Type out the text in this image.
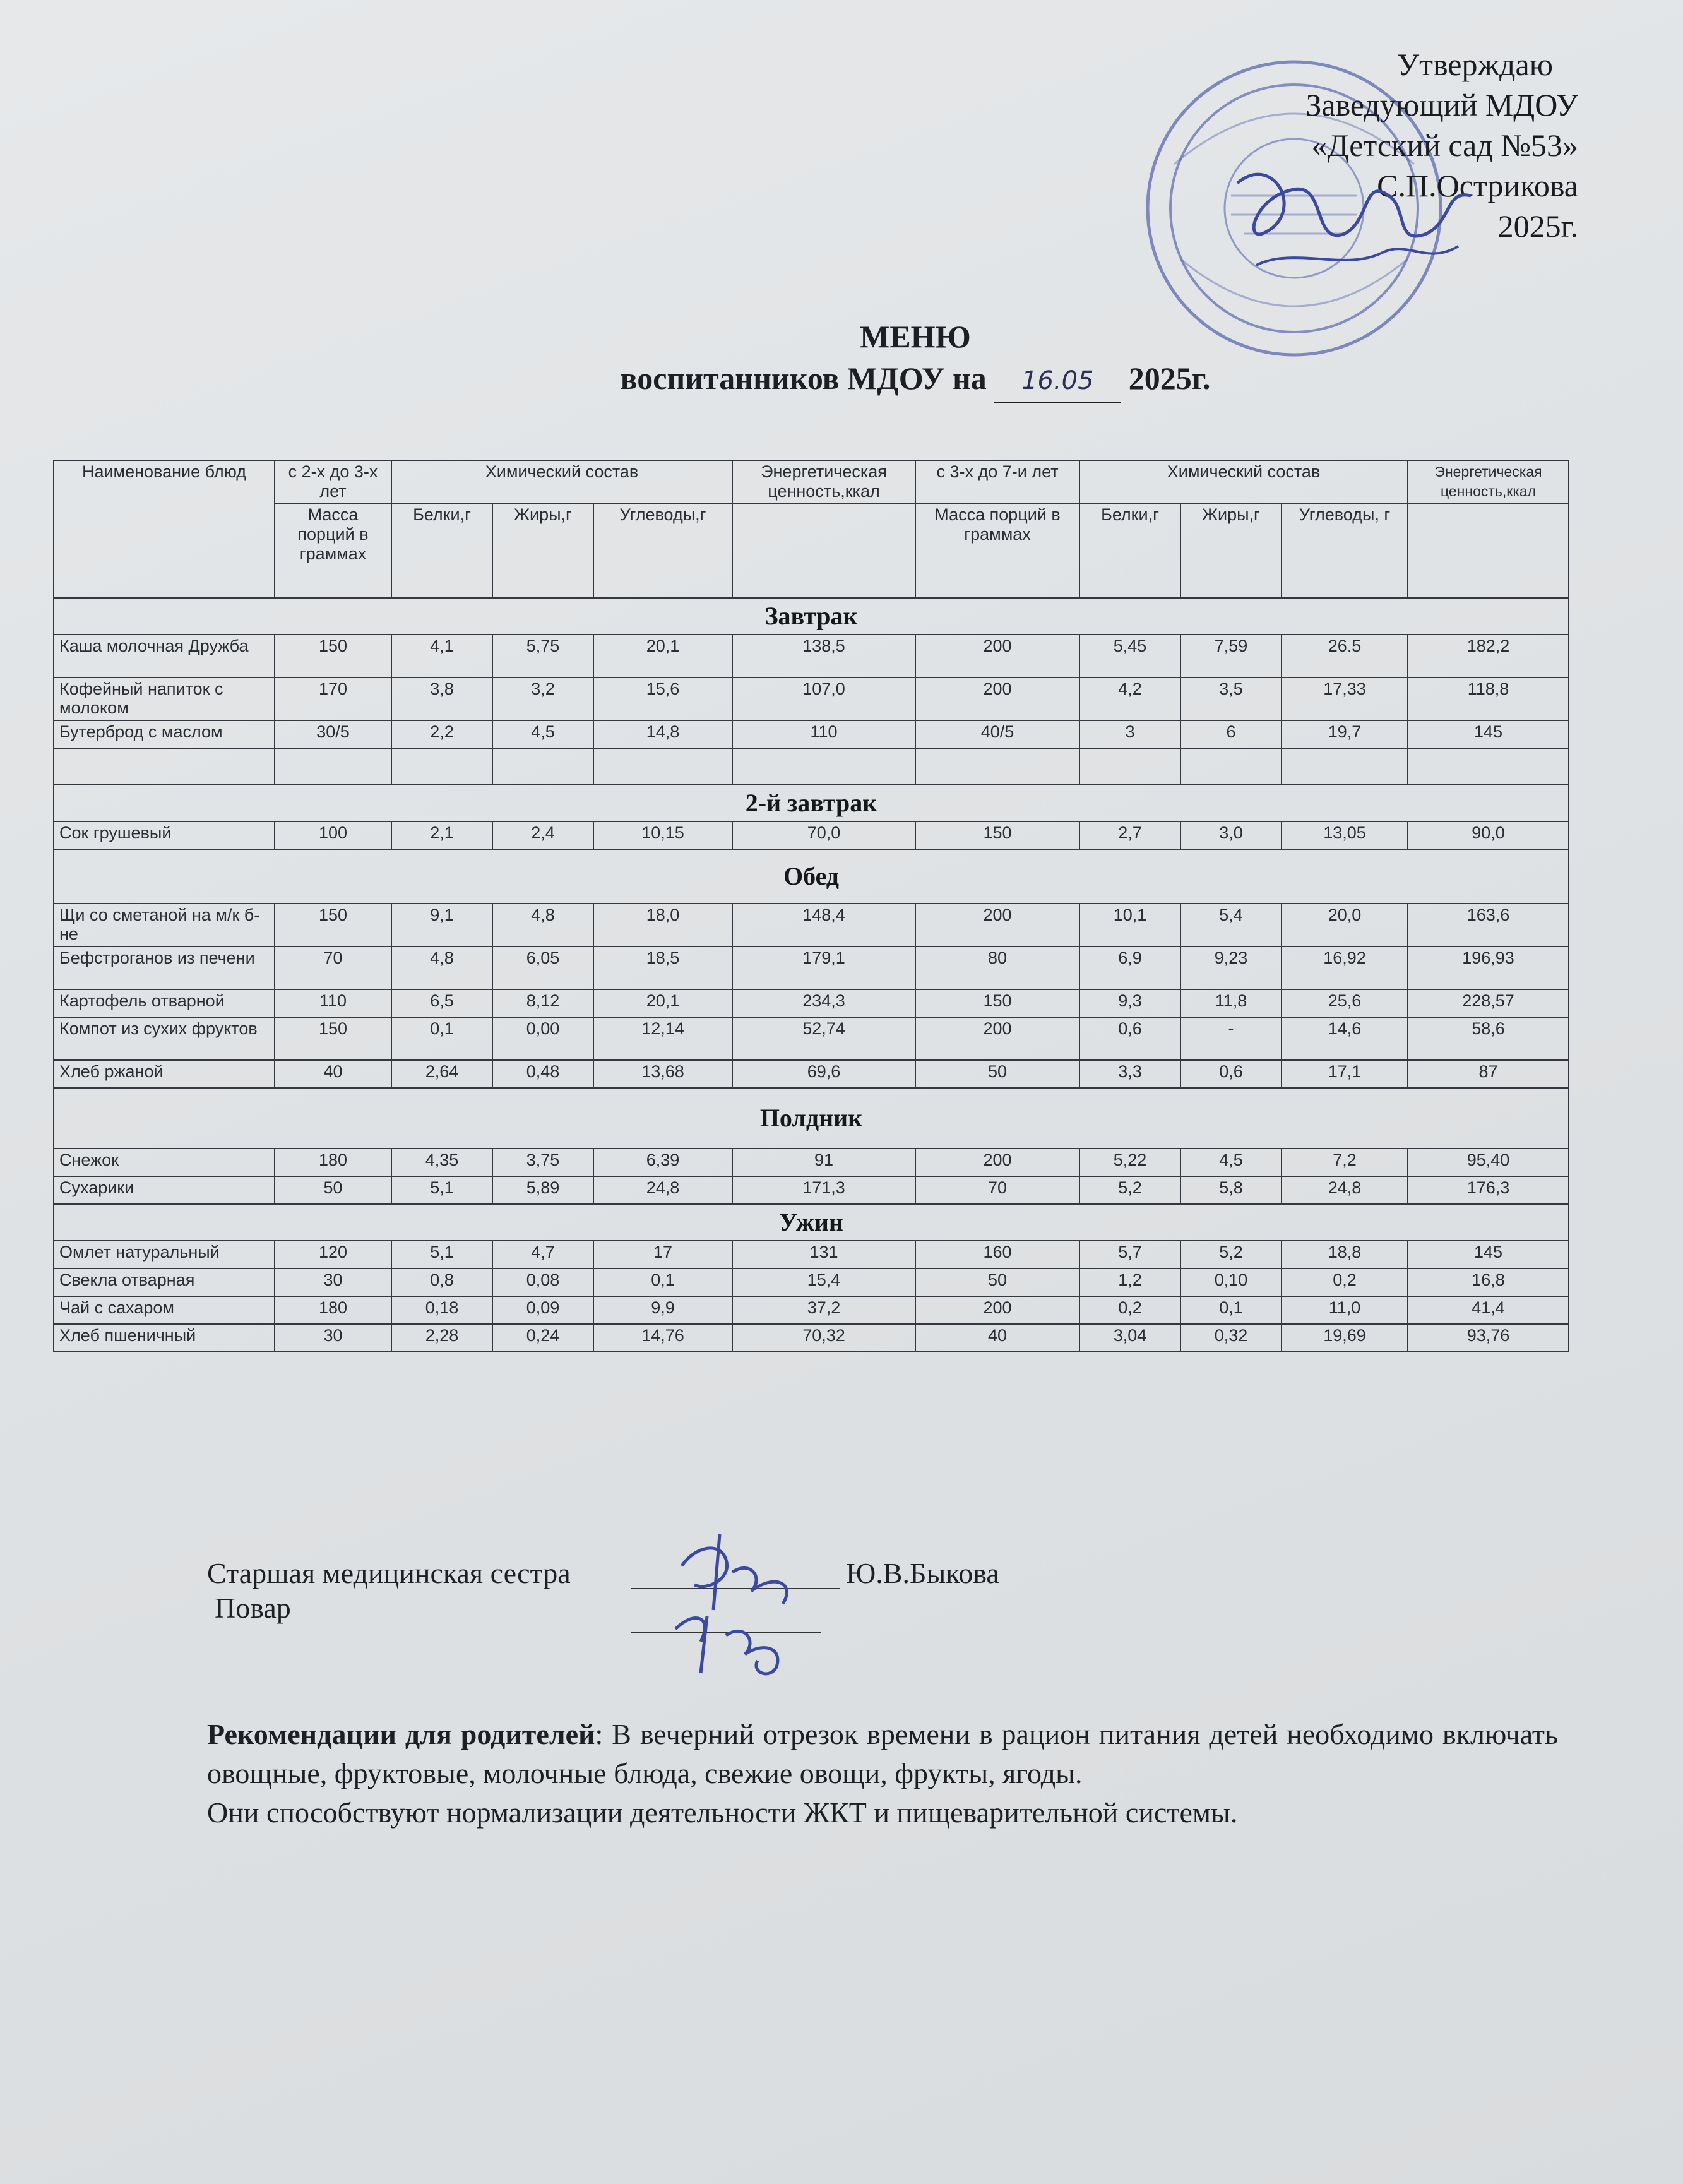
Утверждаю
Заведующий МДОУ
«Детский сад №53»
С.П.Острикова
2025г.
МЕНЮ
воспитанников МДОУ на 16.05 2025г.
Наименование блюд	с 2-х до 3-х лет	Химический состав			Энергетическая ценность,ккал	с 3-х до 7-и лет	Химический состав			Энергетическая ценность,ккал
	Масса порций в граммах	Белки,г	Жиры,г	Углеводы,г		Масса порций в граммах	Белки,г	Жиры,г	Углеводы, г	
Завтрак										
Каша молочная Дружба	150	4,1	5,75	20,1	138,5	200	5,45	7,59	26.5	182,2
Кофейный напиток с молоком	170	3,8	3,2	15,6	107,0	200	4,2	3,5	17,33	118,8
Бутерброд с маслом	30/5	2,2	4,5	14,8	110	40/5	3	6	19,7	145

2-й завтрак										
Сок грушевый	100	2,1	2,4	10,15	70,0	150	2,7	3,0	13,05	90,0
Обед										
Щи со сметаной на м/к б-не	150	9,1	4,8	18,0	148,4	200	10,1	5,4	20,0	163,6
Бефстроганов из печени	70	4,8	6,05	18,5	179,1	80	6,9	9,23	16,92	196,93
Картофель отварной	110	6,5	8,12	20,1	234,3	150	9,3	11,8	25,6	228,57
Компот из сухих фруктов	150	0,1	0,00	12,14	52,74	200	0,6	-	14,6	58,6
Хлеб ржаной	40	2,64	0,48	13,68	69,6	50	3,3	0,6	17,1	87
Полдник										
Снежок	180	4,35	3,75	6,39	91	200	5,22	4,5	7,2	95,40
Сухарики	50	5,1	5,89	24,8	171,3	70	5,2	5,8	24,8	176,3
Ужин										
Омлет натуральный	120	5,1	4,7	17	131	160	5,7	5,2	18,8	145
Свекла отварная	30	0,8	0,08	0,1	15,4	50	1,2	0,10	0,2	16,8
Чай с сахаром	180	0,18	0,09	9,9	37,2	200	0,2	0,1	11,0	41,4
Хлеб пшеничный	30	2,28	0,24	14,76	70,32	40	3,04	0,32	19,69	93,76
Старшая медицинская сестра
Повар
Ю.В.Быкова

Рекомендации для родителей: В вечерний отрезок времени в рацион питания детей необходимо включать овощные, фруктовые, молочные блюда, свежие овощи, фрукты, ягоды.

Они способствуют нормализации деятельности ЖКТ и пищеварительной системы.
